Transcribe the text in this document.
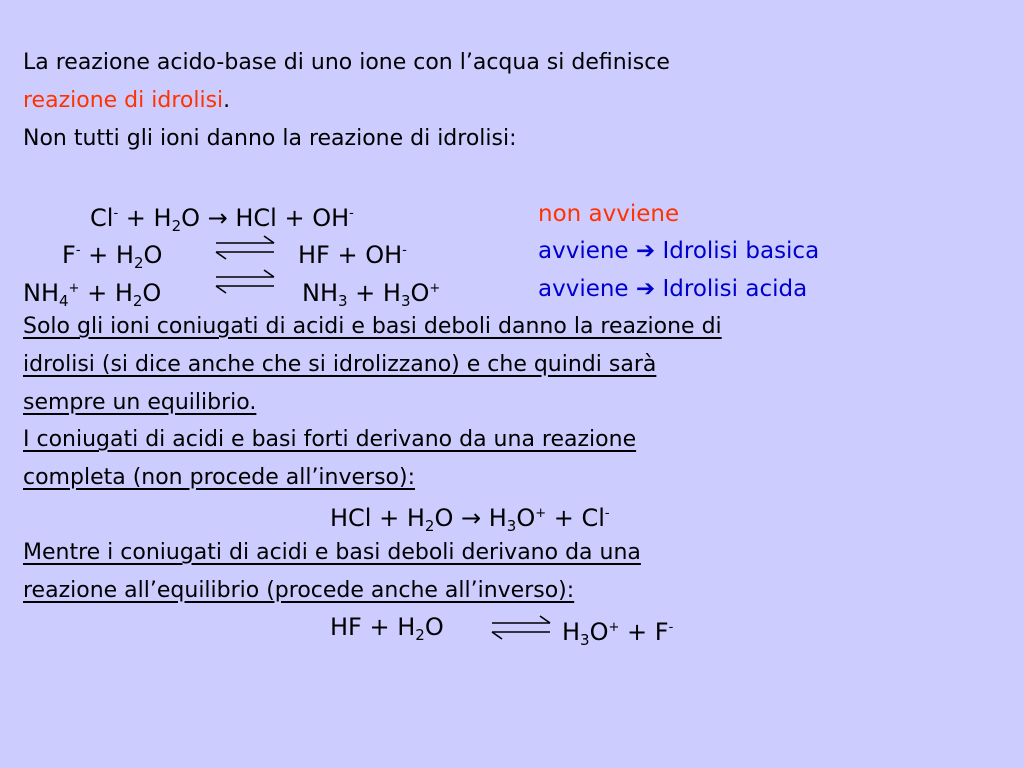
La reazione acido-base di uno ione con l’acqua si definisce
reazione di idrolisi.
Non tutti gli ioni danno la reazione di idrolisi:
$Cl^- + H_2O$ → HCl + OH-	non avviene
$F^- + H_2O$	⇌ HF + OH-	avviene ➔ Idrolisi basica
$NH_4^+ + H_2O$	⇌ $NH_3 + H_3O^+$	avviene ➔ Idrolisi acida
Solo gli ioni coniugati di acidi e basi deboli danno la reazione di
idrolisi (si dice anche che si idrolizzano) e che quindi sarà
sempre un equilibrio.
I coniugati di acidi e basi forti derivano da una reazione
completa (non procede all’inverso):
HCl + $H_2O \to H_3O^+ + Cl^-$
Mentre i coniugati di acidi e basi deboli derivano da una
reazione all’equilibrio (procede anche all’inverso):
HF + $H_2O$	⇌ $H_3O^+ + F^-$
